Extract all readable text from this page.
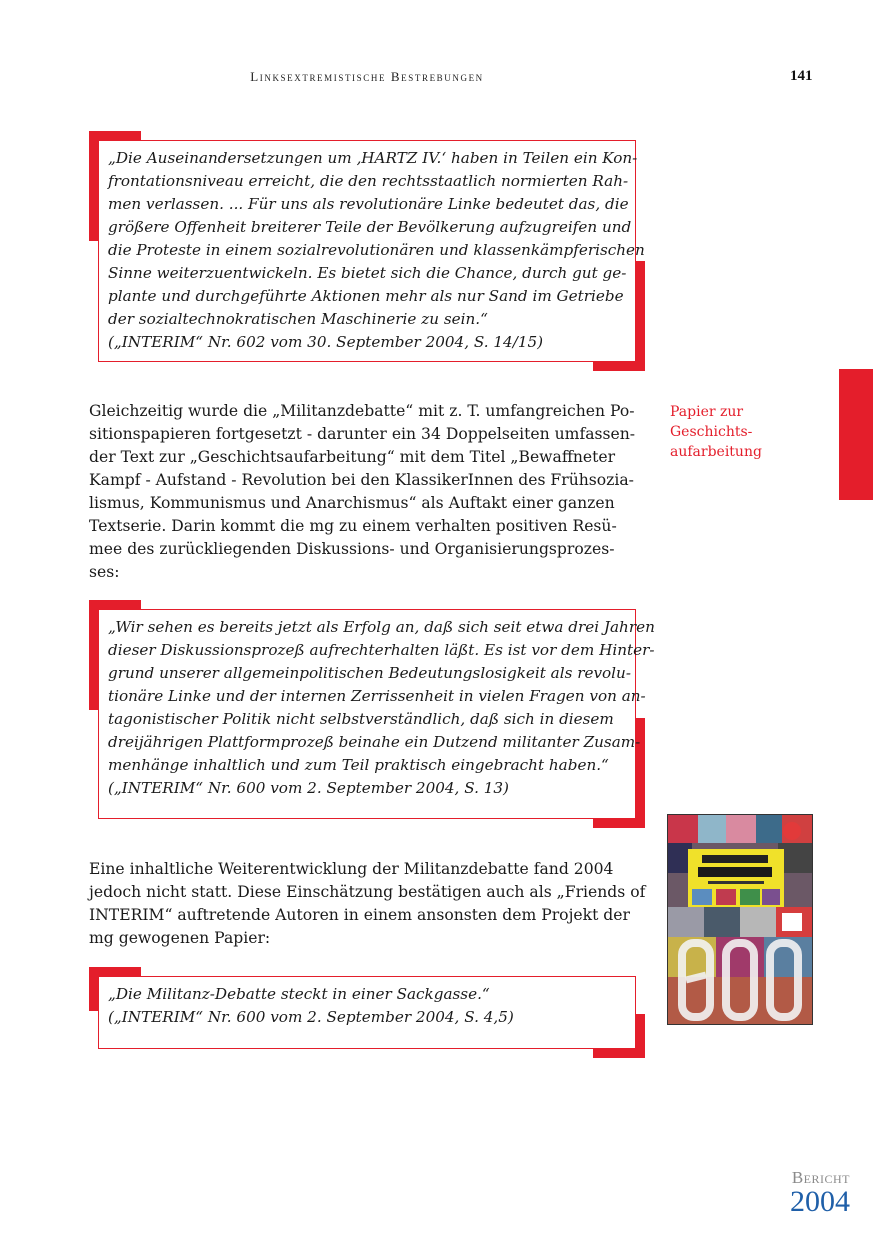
Linksextremistische Bestrebungen	141

„Die Auseinandersetzungen um ‚HARTZ IV.‘ haben in Teilen ein Kon-
frontationsniveau erreicht, die den rechtsstaatlich normierten Rah-
men verlassen. ... Für uns als revolutionäre Linke bedeutet das, die
größere Offenheit breiterer Teile der Bevölkerung aufzugreifen und
die Proteste in einem sozialrevolutionären und klassenkämpferischen
Sinne weiterzuentwickeln. Es bietet sich die Chance, durch gut ge-
plante und durchgeführte Aktionen mehr als nur Sand im Getriebe
der sozialtechnokratischen Maschinerie zu sein.“
(„INTERIM“ Nr. 602 vom 30. September 2004, S. 14/15)

Gleichzeitig wurde die „Militanzdebatte“ mit z. T. umfangreichen Po-
sitionspapieren fortgesetzt - darunter ein 34 Doppelseiten umfassen-
der Text zur „Geschichtsaufarbeitung“ mit dem Titel „Bewaffneter
Kampf - Aufstand - Revolution bei den KlassikerInnen des Frühsozia-
lismus, Kommunismus und Anarchismus“ als Auftakt einer ganzen
Textserie. Darin kommt die mg zu einem verhalten positiven Resü-
mee des zurückliegenden Diskussions- und Organisierungsprozes-
ses:

Papier zur
Geschichts-
aufarbeitung

„Wir sehen es bereits jetzt als Erfolg an, daß sich seit etwa drei Jahren
dieser Diskussionsprozeß aufrechterhalten läßt. Es ist vor dem Hinter-
grund unserer allgemeinpolitischen Bedeutungslosigkeit als revolu-
tionäre Linke und der internen Zerrissenheit in vielen Fragen von an-
tagonistischer Politik nicht selbstverständlich, daß sich in diesem
dreijährigen Plattformprozeß beinahe ein Dutzend militanter Zusam-
menhänge inhaltlich und zum Teil praktisch eingebracht haben.“
(„INTERIM“ Nr. 600 vom 2. September 2004, S. 13)

Eine inhaltliche Weiterentwicklung der Militanzdebatte fand 2004
jedoch nicht statt. Diese Einschätzung bestätigen auch als „Friends of
INTERIM“ auftretende Autoren in einem ansonsten dem Projekt der
mg gewogenen Papier:

„Die Militanz-Debatte steckt in einer Sackgasse.“
(„INTERIM“ Nr. 600 vom 2. September 2004, S. 4,5)

Bericht
2004
